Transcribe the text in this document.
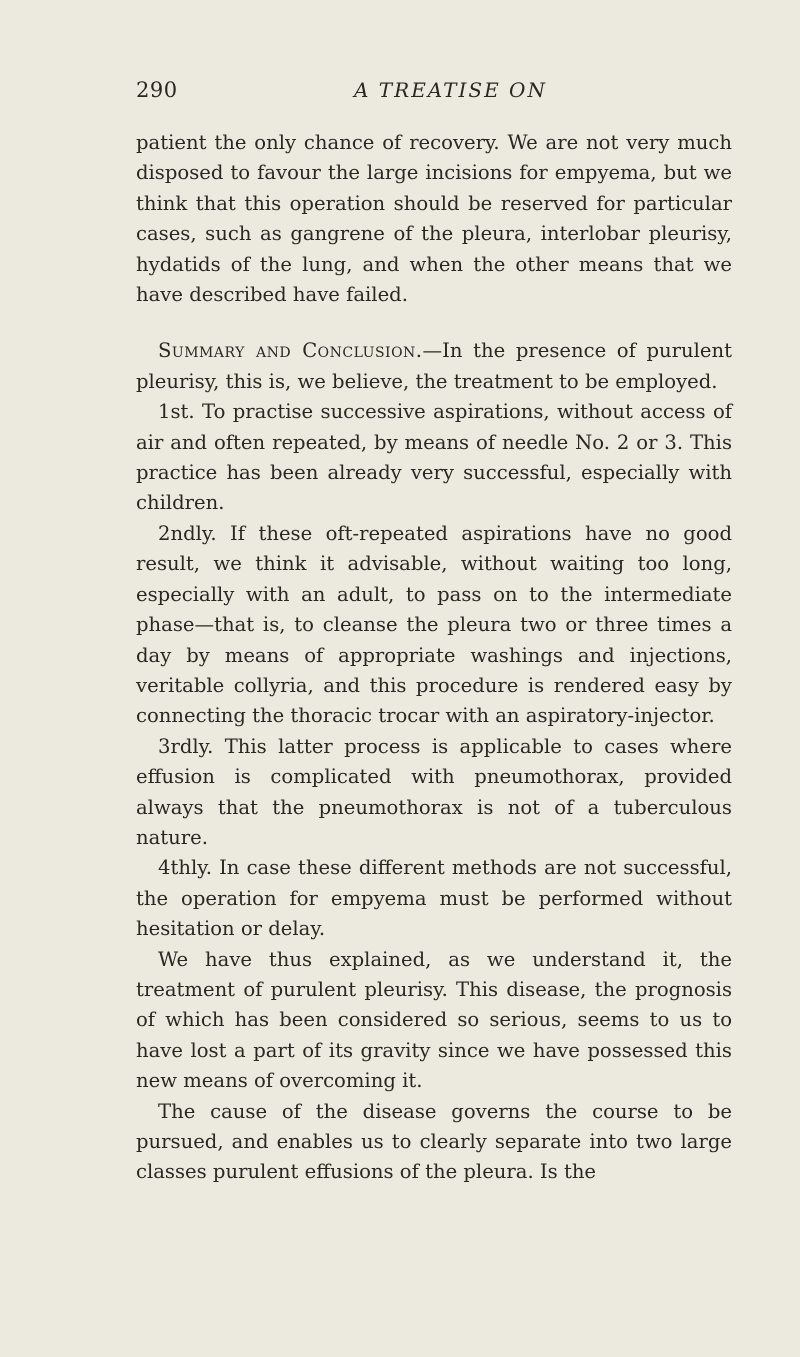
290	A TREATISE ON

patient the only chance of recovery. We are not very much disposed to favour the large incisions for empyema, but we think that this operation should be reserved for particular cases, such as gangrene of the pleura, interlobar pleurisy, hydatids of the lung, and when the other means that we have described have failed.

Summary and Conclusion.—In the presence of purulent pleurisy, this is, we believe, the treatment to be employed.

1st. To practise successive aspirations, without access of air and often repeated, by means of needle No. 2 or 3. This practice has been already very successful, especially with children.

2ndly. If these oft-repeated aspirations have no good result, we think it advisable, without waiting too long, especially with an adult, to pass on to the intermediate phase—that is, to cleanse the pleura two or three times a day by means of appropriate washings and injections, veritable collyria, and this procedure is rendered easy by connecting the thoracic trocar with an aspiratory-injector.

3rdly. This latter process is applicable to cases where effusion is complicated with pneumothorax, provided always that the pneumothorax is not of a tuberculous nature.

4thly. In case these different methods are not successful, the operation for empyema must be performed without hesitation or delay.

We have thus explained, as we understand it, the treatment of purulent pleurisy. This disease, the prognosis of which has been considered so serious, seems to us to have lost a part of its gravity since we have possessed this new means of overcoming it.

The cause of the disease governs the course to be pursued, and enables us to clearly separate into two large classes purulent effusions of the pleura. Is the
